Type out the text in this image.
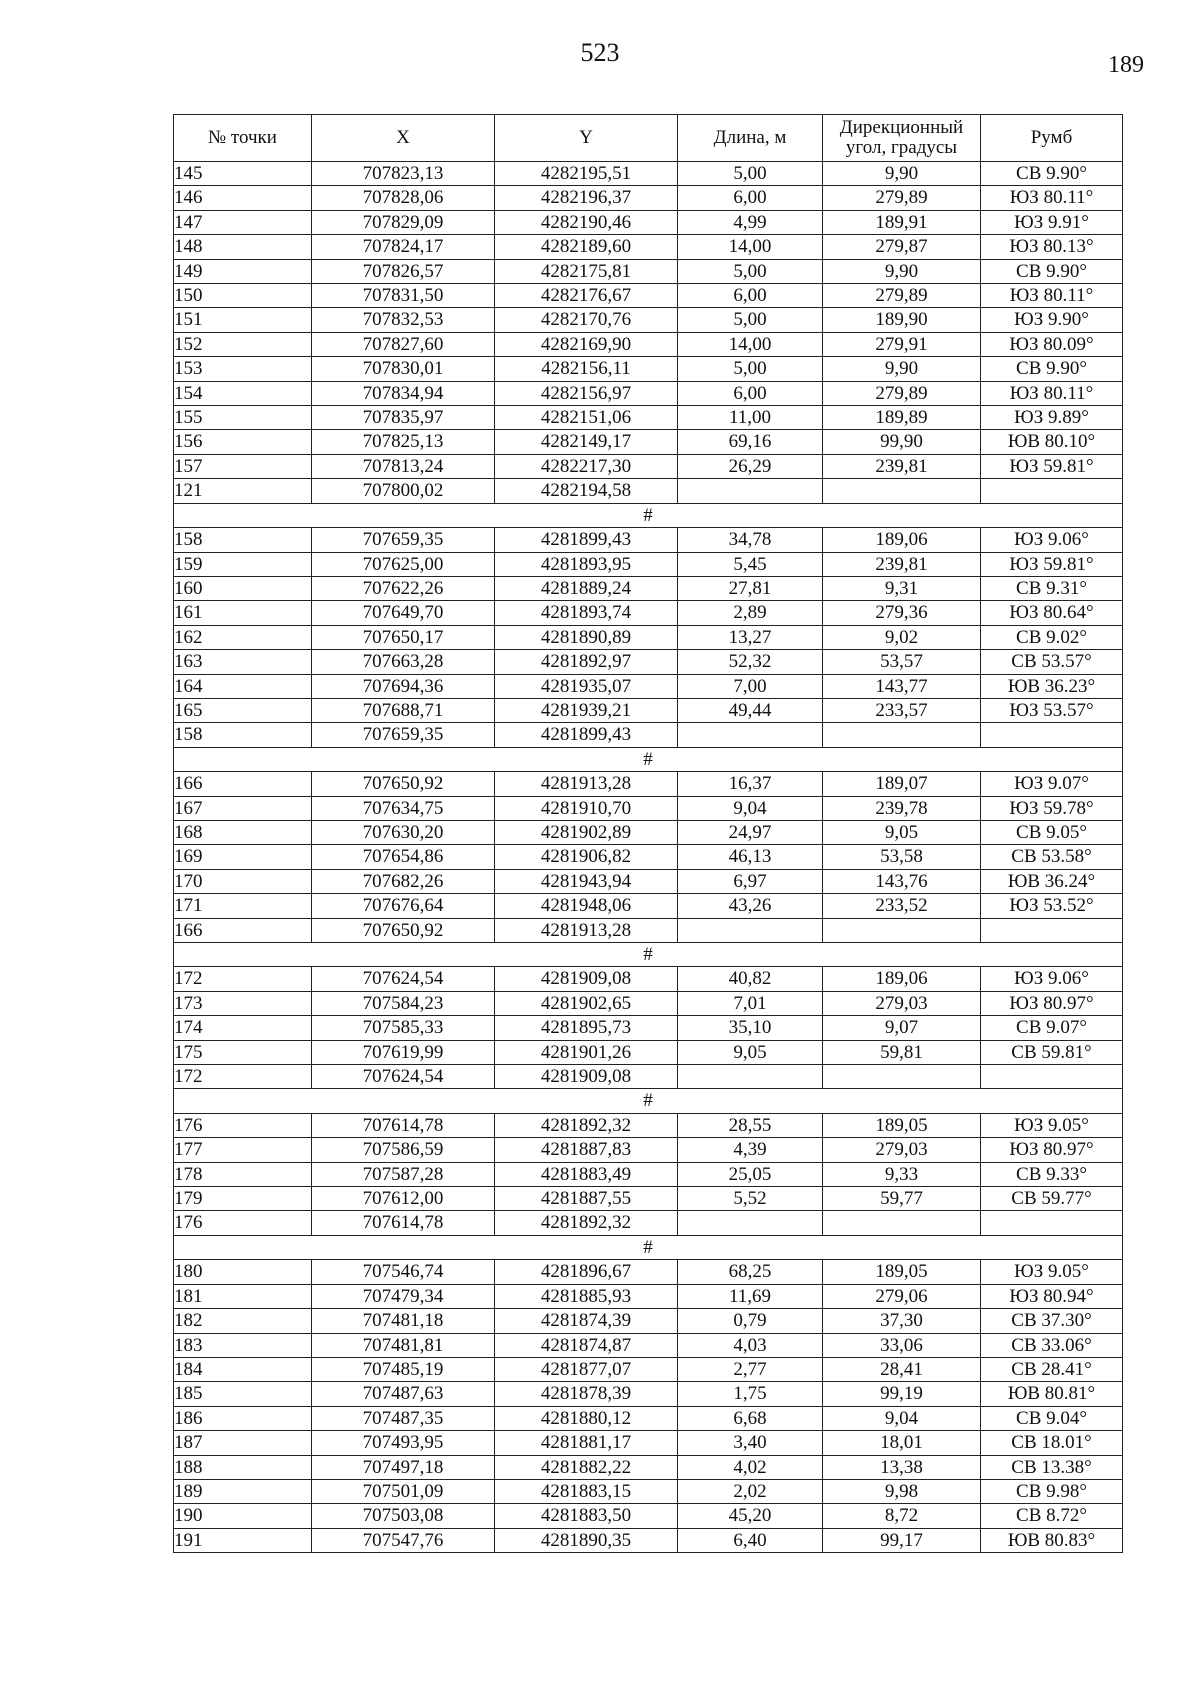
523	189
№ точки	X	Y	Длина, м	Дирекционный угол, градусы	Румб
145	707823,13	4282195,51	5,00	9,90	СВ 9.90°
146	707828,06	4282196,37	6,00	279,89	ЮЗ 80.11°
147	707829,09	4282190,46	4,99	189,91	ЮЗ 9.91°
148	707824,17	4282189,60	14,00	279,87	ЮЗ 80.13°
149	707826,57	4282175,81	5,00	9,90	СВ 9.90°
150	707831,50	4282176,67	6,00	279,89	ЮЗ 80.11°
151	707832,53	4282170,76	5,00	189,90	ЮЗ 9.90°
152	707827,60	4282169,90	14,00	279,91	ЮЗ 80.09°
153	707830,01	4282156,11	5,00	9,90	СВ 9.90°
154	707834,94	4282156,97	6,00	279,89	ЮЗ 80.11°
155	707835,97	4282151,06	11,00	189,89	ЮЗ 9.89°
156	707825,13	4282149,17	69,16	99,90	ЮВ 80.10°
157	707813,24	4282217,30	26,29	239,81	ЮЗ 59.81°
121	707800,02	4282194,58			
#					
158	707659,35	4281899,43	34,78	189,06	ЮЗ 9.06°
159	707625,00	4281893,95	5,45	239,81	ЮЗ 59.81°
160	707622,26	4281889,24	27,81	9,31	СВ 9.31°
161	707649,70	4281893,74	2,89	279,36	ЮЗ 80.64°
162	707650,17	4281890,89	13,27	9,02	СВ 9.02°
163	707663,28	4281892,97	52,32	53,57	СВ 53.57°
164	707694,36	4281935,07	7,00	143,77	ЮВ 36.23°
165	707688,71	4281939,21	49,44	233,57	ЮЗ 53.57°
158	707659,35	4281899,43			
#					
166	707650,92	4281913,28	16,37	189,07	ЮЗ 9.07°
167	707634,75	4281910,70	9,04	239,78	ЮЗ 59.78°
168	707630,20	4281902,89	24,97	9,05	СВ 9.05°
169	707654,86	4281906,82	46,13	53,58	СВ 53.58°
170	707682,26	4281943,94	6,97	143,76	ЮВ 36.24°
171	707676,64	4281948,06	43,26	233,52	ЮЗ 53.52°
166	707650,92	4281913,28			
#					
172	707624,54	4281909,08	40,82	189,06	ЮЗ 9.06°
173	707584,23	4281902,65	7,01	279,03	ЮЗ 80.97°
174	707585,33	4281895,73	35,10	9,07	СВ 9.07°
175	707619,99	4281901,26	9,05	59,81	СВ 59.81°
172	707624,54	4281909,08			
#					
176	707614,78	4281892,32	28,55	189,05	ЮЗ 9.05°
177	707586,59	4281887,83	4,39	279,03	ЮЗ 80.97°
178	707587,28	4281883,49	25,05	9,33	СВ 9.33°
179	707612,00	4281887,55	5,52	59,77	СВ 59.77°
176	707614,78	4281892,32			
#					
180	707546,74	4281896,67	68,25	189,05	ЮЗ 9.05°
181	707479,34	4281885,93	11,69	279,06	ЮЗ 80.94°
182	707481,18	4281874,39	0,79	37,30	СВ 37.30°
183	707481,81	4281874,87	4,03	33,06	СВ 33.06°
184	707485,19	4281877,07	2,77	28,41	СВ 28.41°
185	707487,63	4281878,39	1,75	99,19	ЮВ 80.81°
186	707487,35	4281880,12	6,68	9,04	СВ 9.04°
187	707493,95	4281881,17	3,40	18,01	СВ 18.01°
188	707497,18	4281882,22	4,02	13,38	СВ 13.38°
189	707501,09	4281883,15	2,02	9,98	СВ 9.98°
190	707503,08	4281883,50	45,20	8,72	СВ 8.72°
191	707547,76	4281890,35	6,40	99,17	ЮВ 80.83°
